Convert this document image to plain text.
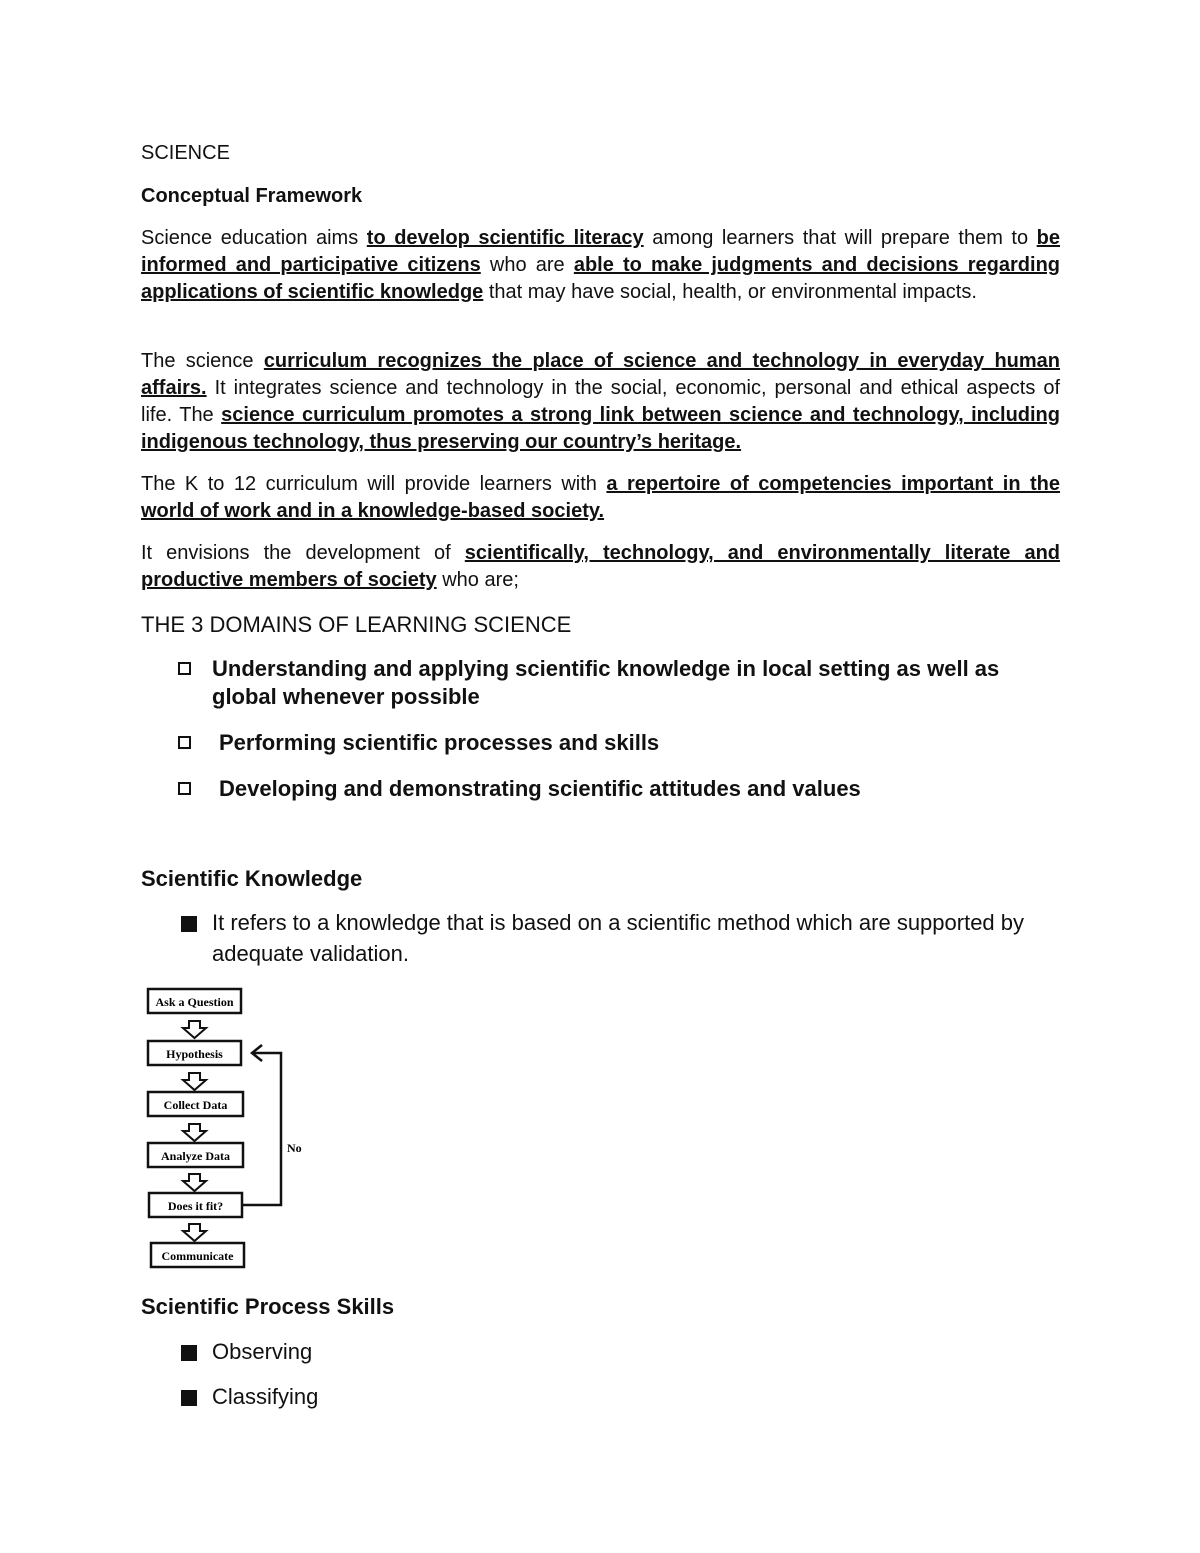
SCIENCE

Conceptual Framework

Science education aims to develop scientific literacy among learners that will prepare them to be informed and participative citizens who are able to make judgments and decisions regarding applications of scientific knowledge that may have social, health, or environmental impacts.

The science curriculum recognizes the place of science and technology in everyday human affairs. It integrates science and technology in the social, economic, personal and ethical aspects of life. The science curriculum promotes a strong link between science and technology, including indigenous technology, thus preserving our country’s heritage.

The K to 12 curriculum will provide learners with a repertoire of competencies important in the world of work and in a knowledge-based society.

It envisions the development of scientifically, technology, and environmentally literate and productive members of society who are;

THE 3 DOMAINS OF LEARNING SCIENCE

Understanding and applying scientific knowledge in local setting as well as global whenever possible

Performing scientific processes and skills

Developing and demonstrating scientific attitudes and values

Scientific Knowledge

It refers to a knowledge that is based on a scientific method which are supported by adequate validation.

Ask a Question
Hypothesis
Collect Data
Analyze Data
Does it fit?
Communicate
No

Scientific Process Skills

Observing

Classifying
